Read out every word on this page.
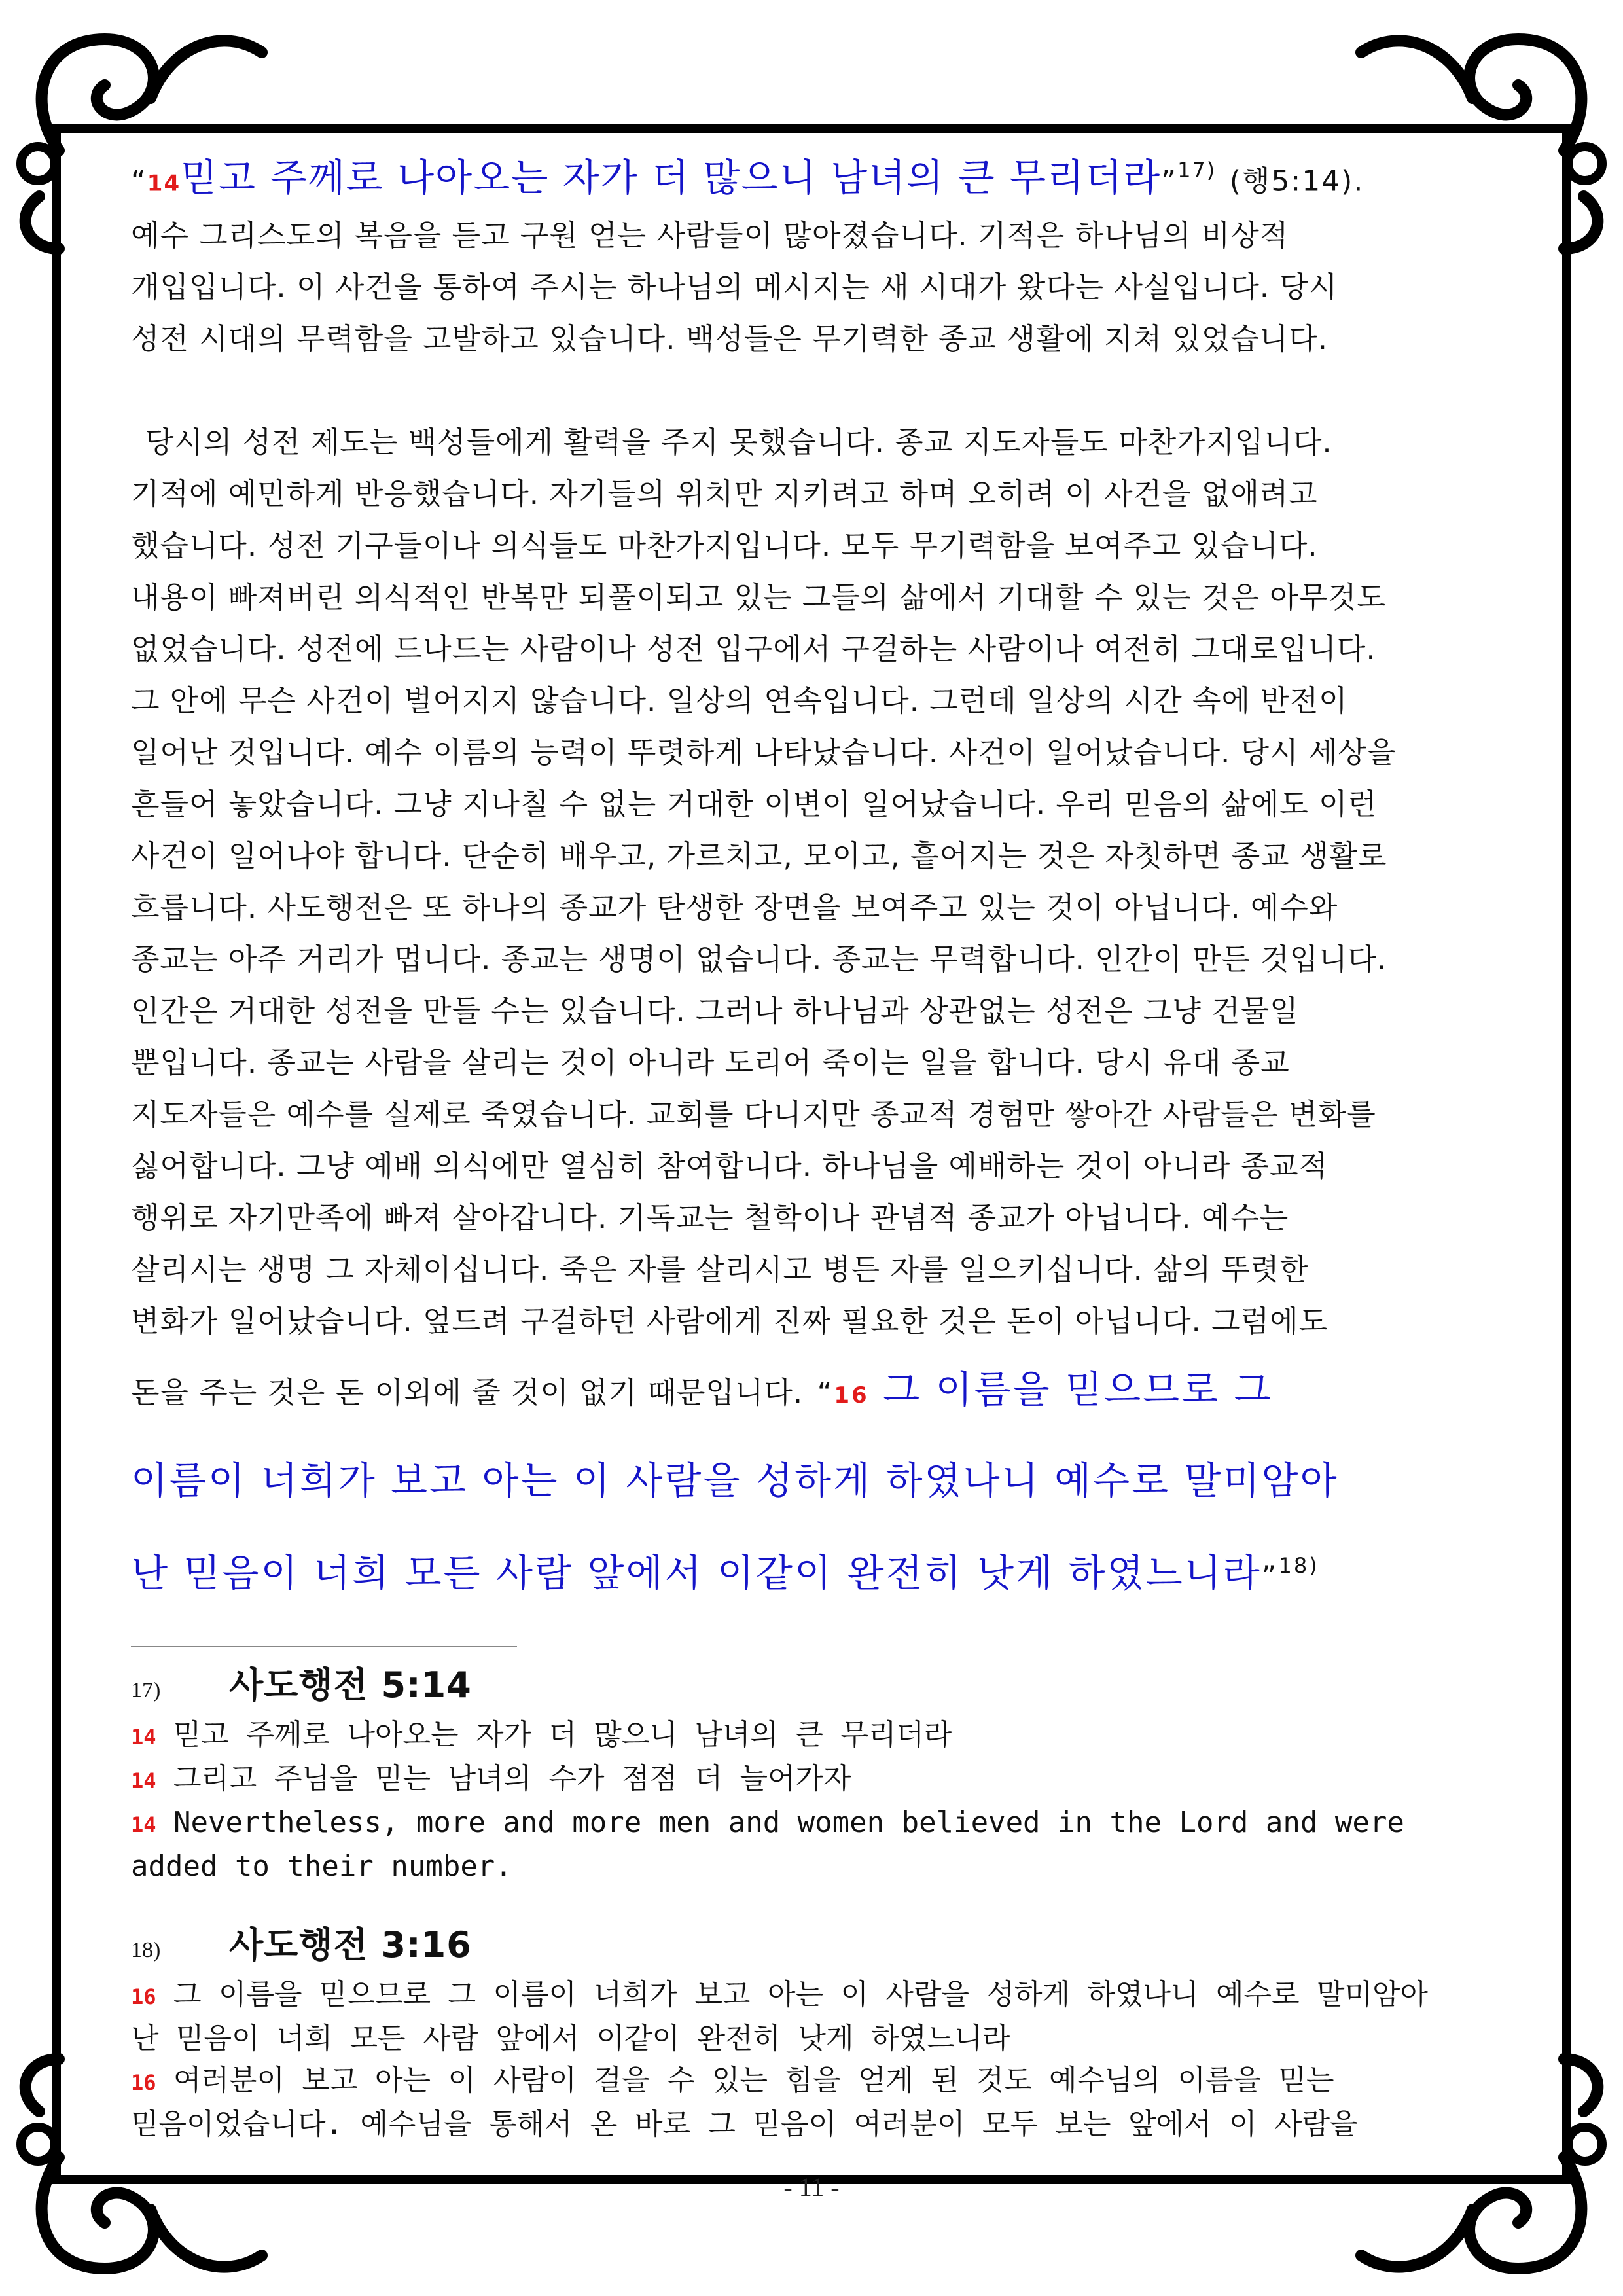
“14믿고 주께로 나아오는 자가 더 많으니 남녀의 큰 무리더라”$^{17)}$ (행5:14).

예수 그리스도의 복음을 듣고 구원 얻는 사람들이 많아졌습니다. 기적은 하나님의 비상적

개입입니다. 이 사건을 통하여 주시는 하나님의 메시지는 새 시대가 왔다는 사실입니다. 당시

성전 시대의 무력함을 고발하고 있습니다. 백성들은 무기력한 종교 생활에 지쳐 있었습니다.

당시의 성전 제도는 백성들에게 활력을 주지 못했습니다. 종교 지도자들도 마찬가지입니다.

기적에 예민하게 반응했습니다. 자기들의 위치만 지키려고 하며 오히려 이 사건을 없애려고

했습니다. 성전 기구들이나 의식들도 마찬가지입니다. 모두 무기력함을 보여주고 있습니다.

내용이 빠져버린 의식적인 반복만 되풀이되고 있는 그들의 삶에서 기대할 수 있는 것은 아무것도

없었습니다. 성전에 드나드는 사람이나 성전 입구에서 구걸하는 사람이나 여전히 그대로입니다.

그 안에 무슨 사건이 벌어지지 않습니다. 일상의 연속입니다. 그런데 일상의 시간 속에 반전이

일어난 것입니다. 예수 이름의 능력이 뚜렷하게 나타났습니다. 사건이 일어났습니다. 당시 세상을

흔들어 놓았습니다. 그냥 지나칠 수 없는 거대한 이변이 일어났습니다. 우리 믿음의 삶에도 이런

사건이 일어나야 합니다. 단순히 배우고, 가르치고, 모이고, 흩어지는 것은 자칫하면 종교 생활로

흐릅니다. 사도행전은 또 하나의 종교가 탄생한 장면을 보여주고 있는 것이 아닙니다. 예수와

종교는 아주 거리가 멉니다. 종교는 생명이 없습니다. 종교는 무력합니다. 인간이 만든 것입니다.

인간은 거대한 성전을 만들 수는 있습니다. 그러나 하나님과 상관없는 성전은 그냥 건물일

뿐입니다. 종교는 사람을 살리는 것이 아니라 도리어 죽이는 일을 합니다. 당시 유대 종교

지도자들은 예수를 실제로 죽였습니다. 교회를 다니지만 종교적 경험만 쌓아간 사람들은 변화를

싫어합니다. 그냥 예배 의식에만 열심히 참여합니다. 하나님을 예배하는 것이 아니라 종교적

행위로 자기만족에 빠져 살아갑니다. 기독교는 철학이나 관념적 종교가 아닙니다. 예수는

살리시는 생명 그 자체이십니다. 죽은 자를 살리시고 병든 자를 일으키십니다. 삶의 뚜렷한

변화가 일어났습니다. 엎드려 구걸하던 사람에게 진짜 필요한 것은 돈이 아닙니다. 그럼에도

돈을 주는 것은 돈 이외에 줄 것이 없기 때문입니다. “16 그 이름을 믿으므로 그
이름이 너희가 보고 아는 이 사람을 성하게 하였나니 예수로 말미암아
난 믿음이 너희 모든 사람 앞에서 이같이 완전히 낫게 하였느니라”$^{18)}$
17)	사도행전 5:14
14 믿고 주께로 나아오는 자가 더 많으니 남녀의 큰 무리더라
14 그리고 주님을 믿는 남녀의 수가 점점 더 늘어가자
14 Nevertheless, more and more men and women believed in the Lord and were
added to their number.
18)	사도행전 3:16
16 그 이름을 믿으므로 그 이름이 너희가 보고 아는 이 사람을 성하게 하였나니 예수로 말미암아
난 믿음이 너희 모든 사람 앞에서 이같이 완전히 낫게 하였느니라
16 여러분이 보고 아는 이 사람이 걸을 수 있는 힘을 얻게 된 것도 예수님의 이름을 믿는
믿음이었습니다. 예수님을 통해서 온 바로 그 믿음이 여러분이 모두 보는 앞에서 이 사람을
- 11 -
